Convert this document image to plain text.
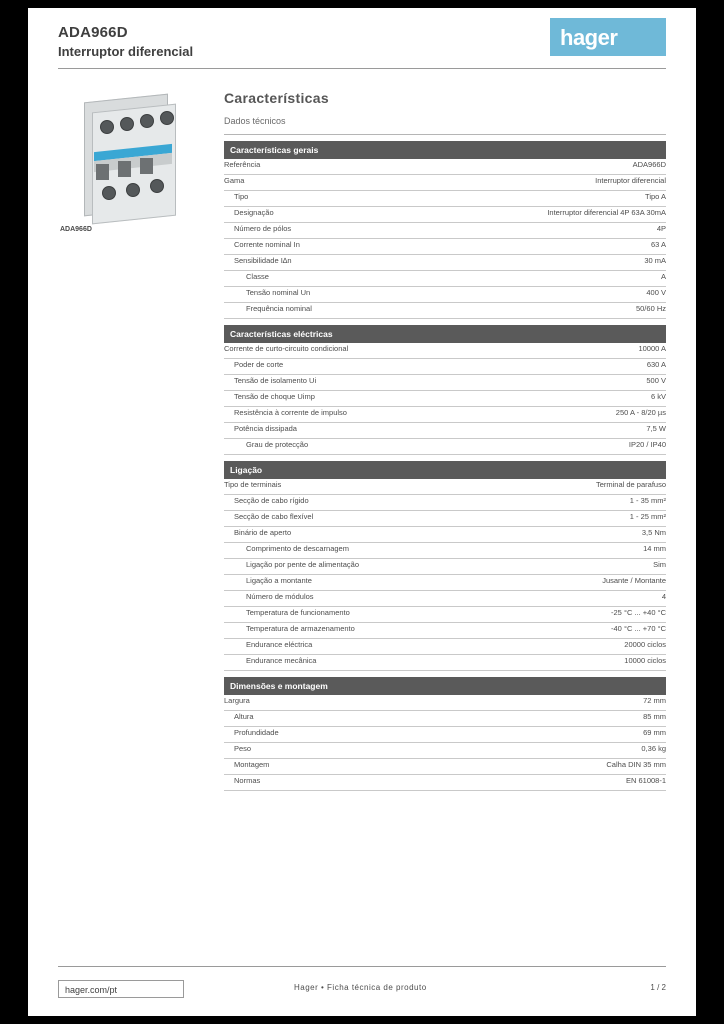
ADA966D
Interruptor diferencial
hager
ADA966D
Características
Dados técnicos
Características gerais
Referência	ADA966D
Gama	Interruptor diferencial
Tipo	Tipo A
Designação	Interruptor diferencial 4P 63A 30mA
Número de pólos	4P
Corrente nominal In	63 A
Sensibilidade I∆n	30 mA
Classe	A
Tensão nominal Un	400 V
Frequência nominal	50/60 Hz
Características eléctricas
Corrente de curto-circuito condicional	10000 A
Poder de corte	630 A
Tensão de isolamento Ui	500 V
Tensão de choque Uimp	6 kV
Resistência à corrente de impulso	250 A - 8/20 µs
Potência dissipada	7,5 W
Grau de protecção	IP20 / IP40
Ligação
Tipo de terminais	Terminal de parafuso
Secção de cabo rígido	1 - 35 mm²
Secção de cabo flexível	1 - 25 mm²
Binário de aperto	3,5 Nm
Comprimento de descarnagem	14 mm
Ligação por pente de alimentação	Sim
Ligação a montante	Jusante / Montante
Número de módulos	4
Temperatura de funcionamento	-25 °C ... +40 °C
Temperatura de armazenamento	-40 °C ... +70 °C
Endurance eléctrica	20000 ciclos
Endurance mecânica	10000 ciclos
Dimensões e montagem
Largura	72 mm
Altura	85 mm
Profundidade	69 mm
Peso	0,36 kg
Montagem	Calha DIN 35 mm
Normas	EN 61008-1
hager.com/pt	Hager • Ficha técnica de produto	1 / 2
